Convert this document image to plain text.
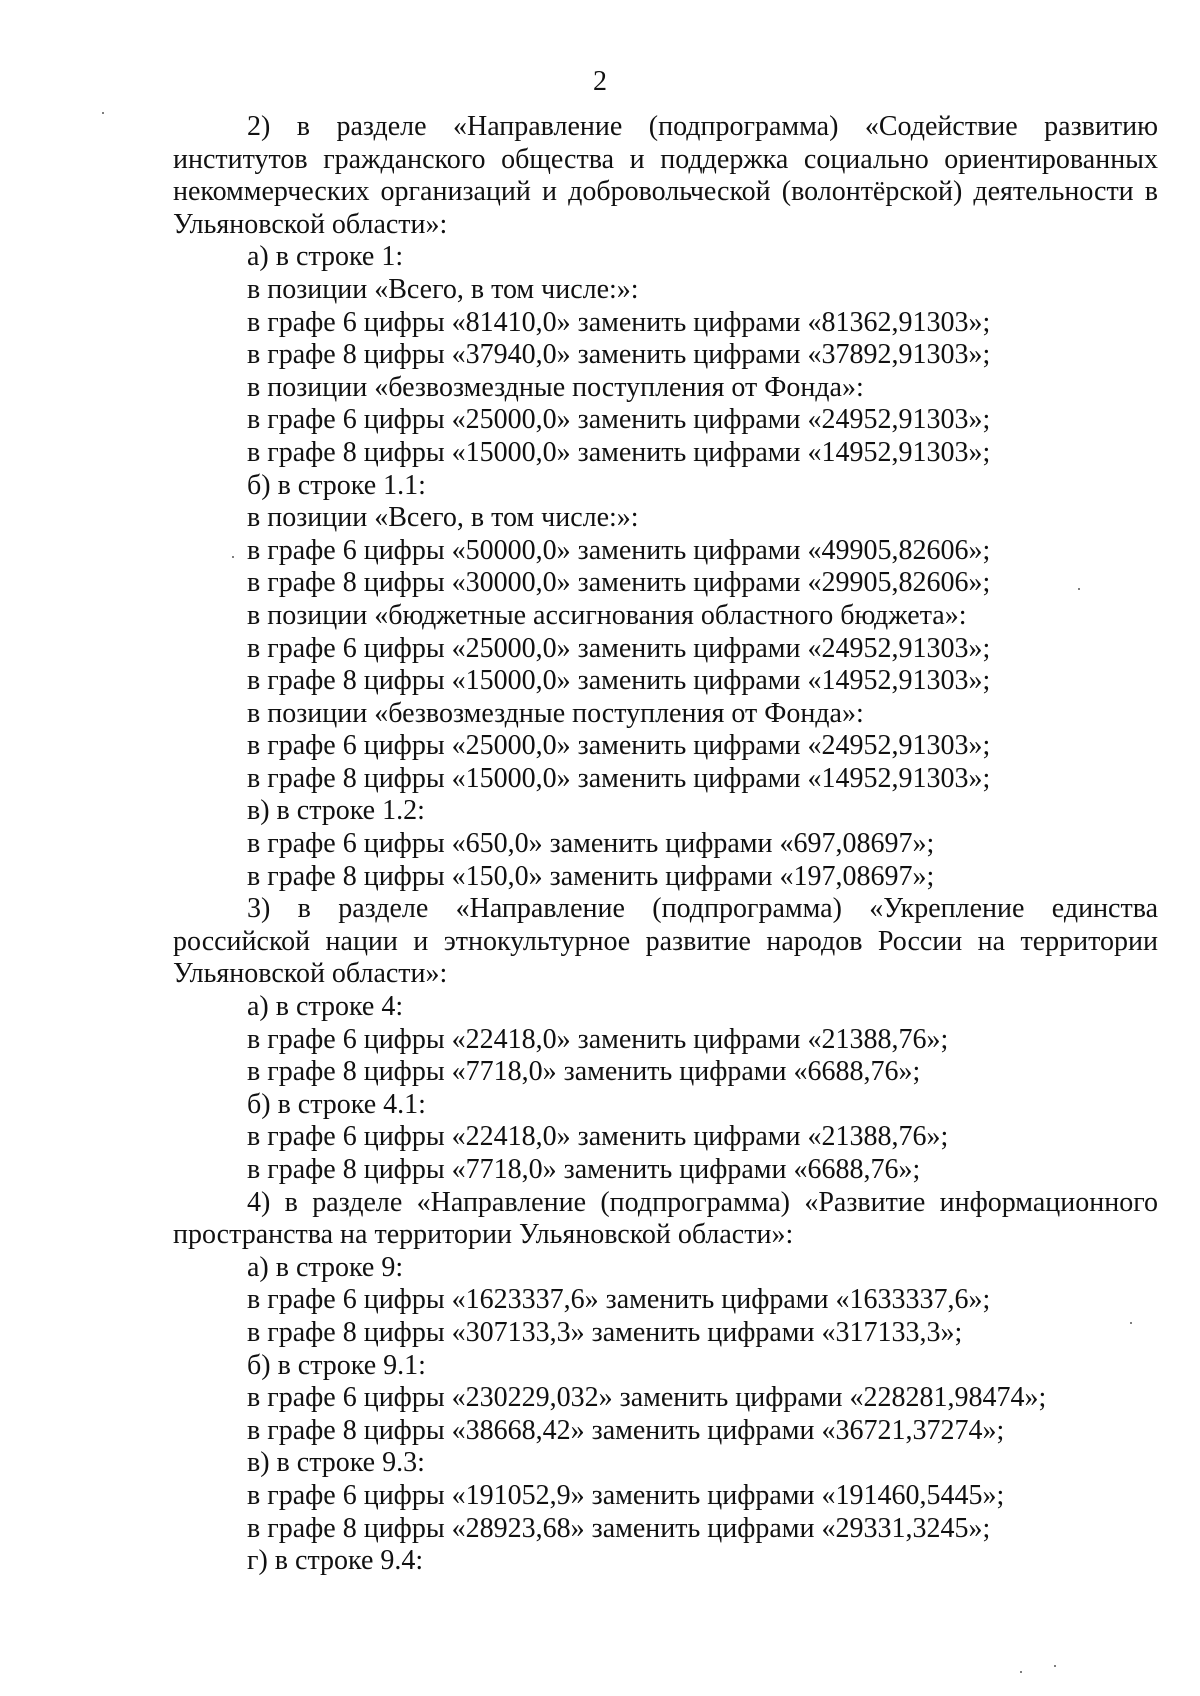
2

2) в разделе «Направление (подпрограмма) «Содействие развитию институтов гражданского общества и поддержка социально ориентированных некоммерческих организаций и добровольческой (волонтёрской) деятельности в Ульяновской области»:

а) в строке 1:

в позиции «Всего, в том числе:»:

в графе 6 цифры «81410,0» заменить цифрами «81362,91303»;

в графе 8 цифры «37940,0» заменить цифрами «37892,91303»;

в позиции «безвозмездные поступления от Фонда»:

в графе 6 цифры «25000,0» заменить цифрами «24952,91303»;

в графе 8 цифры «15000,0» заменить цифрами «14952,91303»;

б) в строке 1.1:

в позиции «Всего, в том числе:»:

в графе 6 цифры «50000,0» заменить цифрами «49905,82606»;

в графе 8 цифры «30000,0» заменить цифрами «29905,82606»;

в позиции «бюджетные ассигнования областного бюджета»:

в графе 6 цифры «25000,0» заменить цифрами «24952,91303»;

в графе 8 цифры «15000,0» заменить цифрами «14952,91303»;

в позиции «безвозмездные поступления от Фонда»:

в графе 6 цифры «25000,0» заменить цифрами «24952,91303»;

в графе 8 цифры «15000,0» заменить цифрами «14952,91303»;

в) в строке 1.2:

в графе 6 цифры «650,0» заменить цифрами «697,08697»;

в графе 8 цифры «150,0» заменить цифрами «197,08697»;

3) в разделе «Направление (подпрограмма) «Укрепление единства российской нации и этнокультурное развитие народов России на территории Ульяновской области»:

а) в строке 4:

в графе 6 цифры «22418,0» заменить цифрами «21388,76»;

в графе 8 цифры «7718,0» заменить цифрами «6688,76»;

б) в строке 4.1:

в графе 6 цифры «22418,0» заменить цифрами «21388,76»;

в графе 8 цифры «7718,0» заменить цифрами «6688,76»;

4) в разделе «Направление (подпрограмма) «Развитие информационного пространства на территории Ульяновской области»:

а) в строке 9:

в графе 6 цифры «1623337,6» заменить цифрами «1633337,6»;

в графе 8 цифры «307133,3» заменить цифрами «317133,3»;

б) в строке 9.1:

в графе 6 цифры «230229,032» заменить цифрами «228281,98474»;

в графе 8 цифры «38668,42» заменить цифрами «36721,37274»;

в) в строке 9.3:

в графе 6 цифры «191052,9» заменить цифрами «191460,5445»;

в графе 8 цифры «28923,68» заменить цифрами «29331,3245»;

г) в строке 9.4:
